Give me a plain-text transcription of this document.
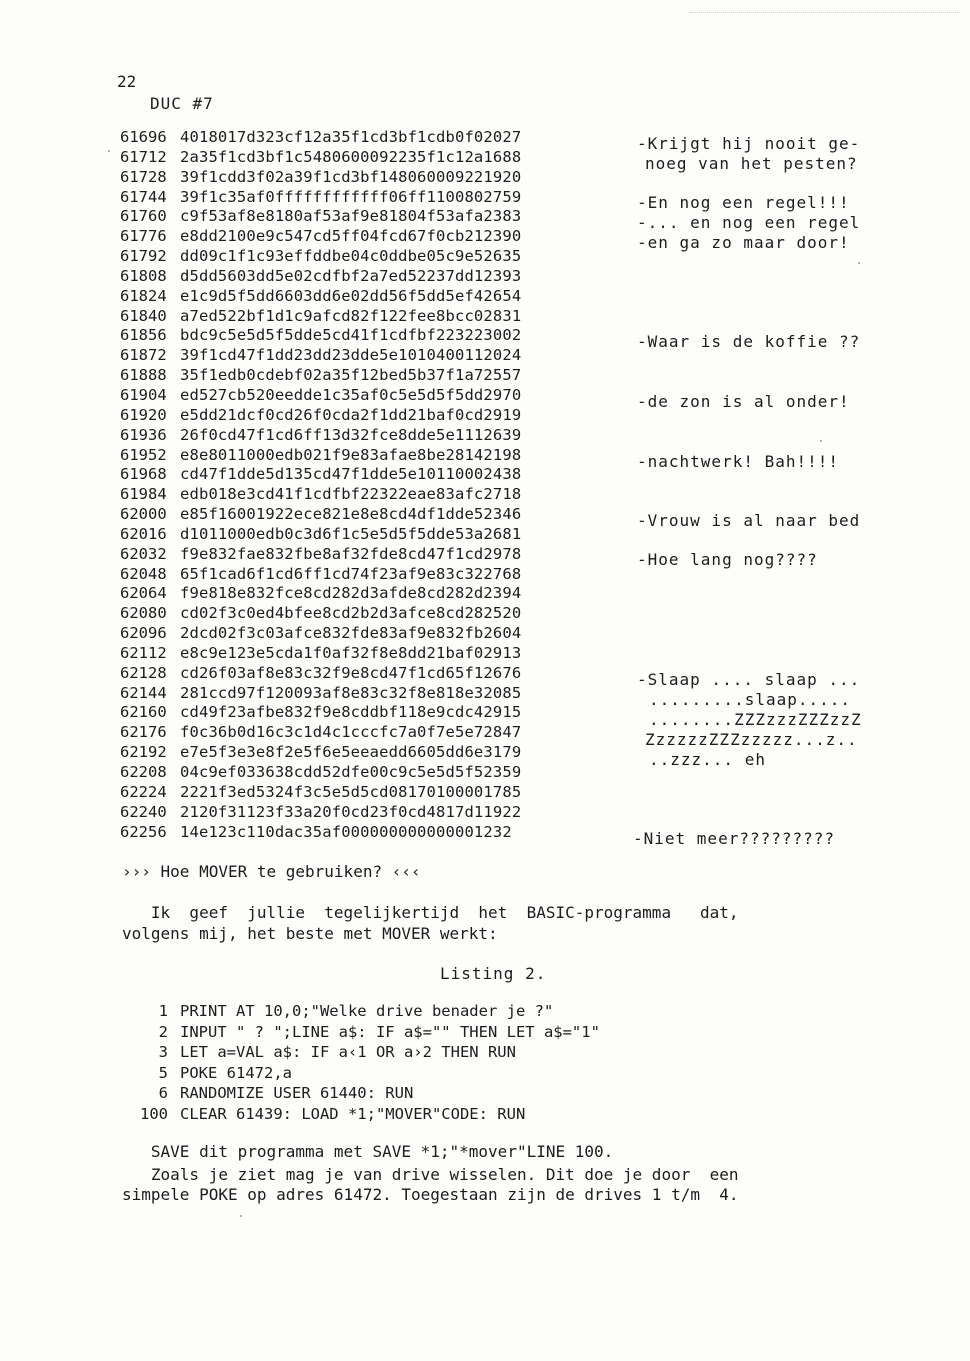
22
DUC #7
61696 4018017d323cf12a35f1cd3bf1cdb0f02027
61712 2a35f1cd3bf1c5480600092235f1c12a1688
61728 39f1cdd3f02a39f1cd3bf148060009221920
61744 39f1c35af0ffffffffffff06ff1100802759
61760 c9f53af8e8180af53af9e81804f53afa2383
61776 e8dd2100e9c547cd5ff04fcd67f0cb212390
61792 dd09c1f1c93effddbe04c0ddbe05c9e52635
61808 d5dd5603dd5e02cdfbf2a7ed52237dd12393
61824 e1c9d5f5dd6603dd6e02dd56f5dd5ef42654
61840 a7ed522bf1d1c9afcd82f122fee8bcc02831
61856 bdc9c5e5d5f5dde5cd41f1cdfbf223223002
61872 39f1cd47f1dd23dd23dde5e1010400112024
61888 35f1edb0cdebf02a35f12bed5b37f1a72557
61904 ed527cb520eedde1c35af0c5e5d5f5dd2970
61920 e5dd21dcf0cd26f0cda2f1dd21baf0cd2919
61936 26f0cd47f1cd6ff13d32fce8dde5e1112639
61952 e8e8011000edb021f9e83afae8be28142198
61968 cd47f1dde5d135cd47f1dde5e10110002438
61984 edb018e3cd41f1cdfbf22322eae83afc2718
62000 e85f16001922ece821e8e8cd4df1dde52346
62016 d1011000edb0c3d6f1c5e5d5f5dde53a2681
62032 f9e832fae832fbe8af32fde8cd47f1cd2978
62048 65f1cad6f1cd6ff1cd74f23af9e83c322768
62064 f9e818e832fce8cd282d3afde8cd282d2394
62080 cd02f3c0ed4bfee8cd2b2d3afce8cd282520
62096 2dcd02f3c03afce832fde83af9e832fb2604
62112 e8c9e123e5cda1f0af32f8e8dd21baf02913
62128 cd26f03af8e83c32f9e8cd47f1cd65f12676
62144 281ccd97f120093af8e83c32f8e818e32085
62160 cd49f23afbe832f9e8cddbf118e9cdc42915
62176 f0c36b0d16c3c1d4c1cccfc7a0f7e5e72847
62192 e7e5f3e3e8f2e5f6e5eeaedd6605dd6e3179
62208 04c9ef033638cdd52dfe00c9c5e5d5f52359
62224 2221f3ed5324f3c5e5d5cd08170100001785
62240 2120f31123f33a20f0cd23f0cd4817d11922
62256 14e123c110dac35af000000000000001232
-Krijgt hij nooit ge-
noeg van het pesten?
-En nog een regel!!!
-... en nog een regel
-en ga zo maar door!
-Waar is de koffie ??
-de zon is al onder!
-nachtwerk! Bah!!!!
-Vrouw is al naar bed
-Hoe lang nog????
-Slaap .... slaap ...
.........slaap.....
........ZZZzzzZZZzzZ
ZzzzzzZZZzzzzz...z..
..zzz... eh
-Niet meer?????????
››› Hoe MOVER te gebruiken? ‹‹‹
Ik  geef  jullie  tegelijkertijd  het  BASIC-programma   dat,
volgens mij, het beste met MOVER werkt:
Listing 2.
1 PRINT AT 10,0;"Welke drive benader je ?"
2 INPUT " ? ";LINE a$: IF a$="" THEN LET a$="1"
3 LET a=VAL a$: IF a‹1 OR a›2 THEN RUN
5 POKE 61472,a
6 RANDOMIZE USER 61440: RUN
100 CLEAR 61439: LOAD *1;"MOVER"CODE: RUN
SAVE dit programma met SAVE *1;"*mover"LINE 100.
Zoals je ziet mag je van drive wisselen. Dit doe je door  een
simpele POKE op adres 61472. Toegestaan zijn de drives 1 t/m  4.
